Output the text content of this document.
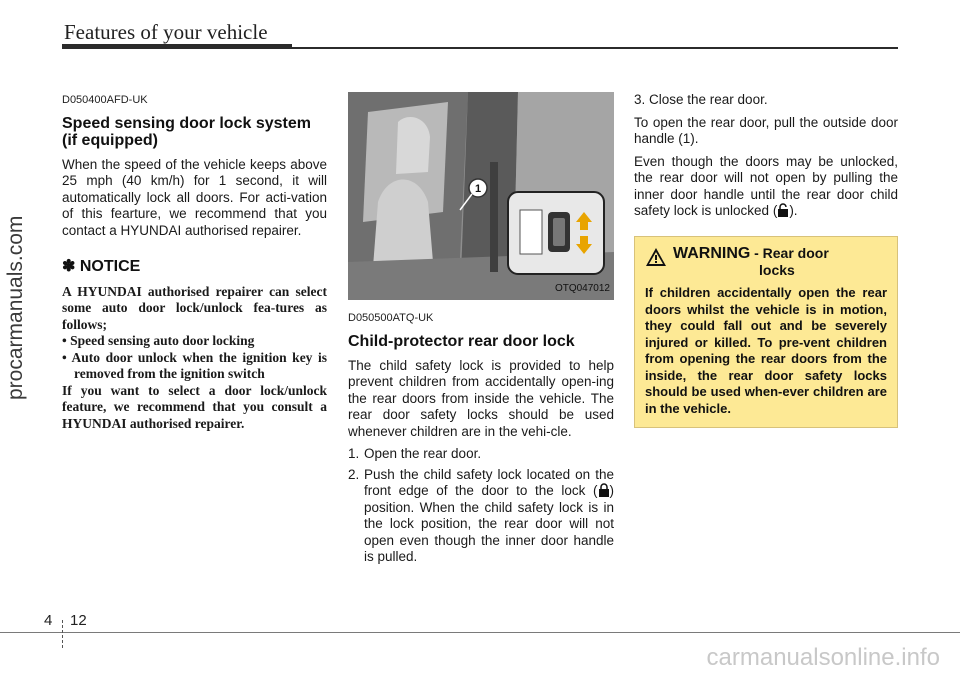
Features of your vehicle
procarmanuals.com
D050400AFD-UK
Speed sensing door lock system
(if equipped)
When the speed of the vehicle keeps above 25 mph (40 km/h) for 1 second, it will automatically lock all doors. For acti-vation of this fearture, we recommend that you contact a HYUNDAI authorised repairer.
✽ NOTICE
A HYUNDAI authorised repairer can select some auto door lock/unlock fea-tures as follows;
• Speed sensing auto door locking
• Auto door unlock when the ignition key is removed from the ignition switch
If you want to select a door lock/unlock feature, we recommend that you consult a HYUNDAI authorised repairer.
1
OTQ047012
D050500ATQ-UK
Child-protector rear door lock
The child safety lock is provided to help prevent children from accidentally open-ing the rear doors from inside the vehicle. The rear door safety locks should be used whenever children are in the vehi-cle.
1. Open the rear door.
2. Push the child safety lock located on the front edge of the door to the lock ( ) position. When the child safety lock is in the lock position, the rear door will not open even though the inner door handle is pulled.
3. Close the rear door.
To open the rear door, pull the outside door handle (1).
Even though the doors may be unlocked, the rear door will not open by pulling the inner door handle until the rear door child safety lock is unlocked ( ).
WARNING - Rear door
locks
If children accidentally open the rear doors whilst the vehicle is in motion, they could fall out and be severely injured or killed. To pre-vent children from opening the rear doors from the inside, the rear door safety locks should be used when-ever children are in the vehicle.
4 12
carmanualsonline.info
